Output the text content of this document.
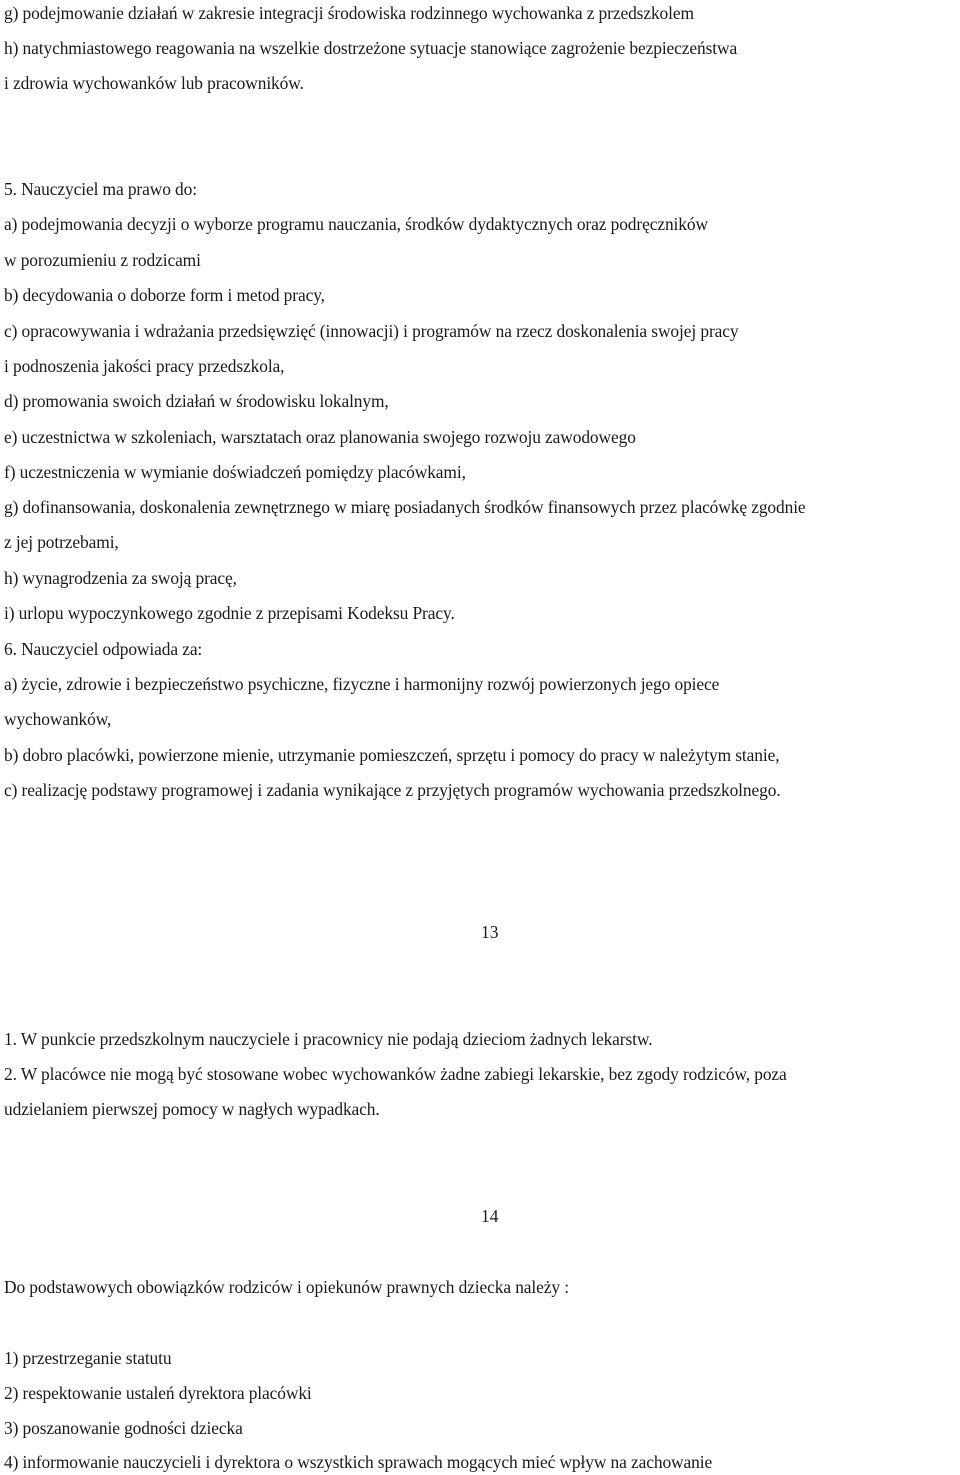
g) podejmowanie działań w zakresie integracji środowiska rodzinnego wychowanka z przedszkolem
h) natychmiastowego reagowania na wszelkie dostrzeżone sytuacje stanowiące zagrożenie bezpieczeństwa
i zdrowia wychowanków lub pracowników.
5. Nauczyciel ma prawo do:
a) podejmowania decyzji o wyborze programu nauczania, środków dydaktycznych oraz podręczników
w porozumieniu z rodzicami
b) decydowania o doborze form i metod pracy,
c) opracowywania i wdrażania przedsięwzięć (innowacji) i programów na rzecz doskonalenia swojej pracy
i podnoszenia jakości pracy przedszkola,
d) promowania swoich działań w środowisku lokalnym,
e) uczestnictwa w szkoleniach, warsztatach oraz planowania swojego rozwoju zawodowego
f) uczestniczenia w wymianie doświadczeń pomiędzy placówkami,
g) dofinansowania, doskonalenia zewnętrznego w miarę posiadanych środków finansowych przez placówkę zgodnie
z jej potrzebami,
h) wynagrodzenia za swoją pracę,
i) urlopu wypoczynkowego zgodnie z przepisami Kodeksu Pracy.
6. Nauczyciel odpowiada za:
a) życie, zdrowie i bezpieczeństwo psychiczne, fizyczne i harmonijny rozwój powierzonych jego opiece
wychowanków,
b) dobro placówki, powierzone mienie, utrzymanie pomieszczeń, sprzętu i pomocy do pracy w należytym stanie,
c) realizację podstawy programowej i zadania wynikające z przyjętych programów wychowania przedszkolnego.
13
1. W punkcie przedszkolnym nauczyciele i pracownicy nie podają dzieciom żadnych lekarstw.
2. W placówce nie mogą być stosowane wobec wychowanków żadne zabiegi lekarskie, bez zgody rodziców, poza
udzielaniem pierwszej pomocy w nagłych wypadkach.
14
Do podstawowych obowiązków rodziców i opiekunów prawnych dziecka należy :
1) przestrzeganie statutu
2) respektowanie ustaleń dyrektora placówki
3) poszanowanie godności dziecka
4) informowanie nauczycieli i dyrektora o wszystkich sprawach mogących mieć wpływ na zachowanie
